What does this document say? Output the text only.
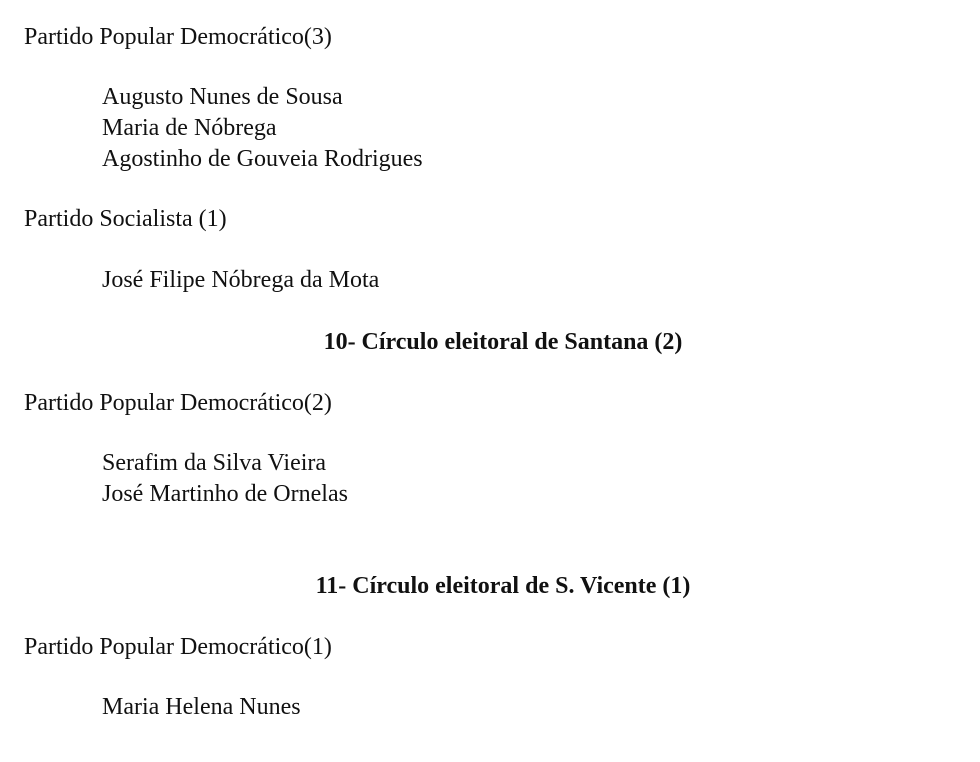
Partido Popular Democrático(3)
Augusto Nunes de Sousa
Maria de Nóbrega
Agostinho de Gouveia Rodrigues
Partido Socialista (1)
José Filipe Nóbrega da Mota
10- Círculo eleitoral de Santana (2)
Partido Popular Democrático(2)
Serafim da Silva Vieira
José Martinho de Ornelas
11- Círculo eleitoral de S. Vicente (1)
Partido Popular Democrático(1)
Maria Helena Nunes
